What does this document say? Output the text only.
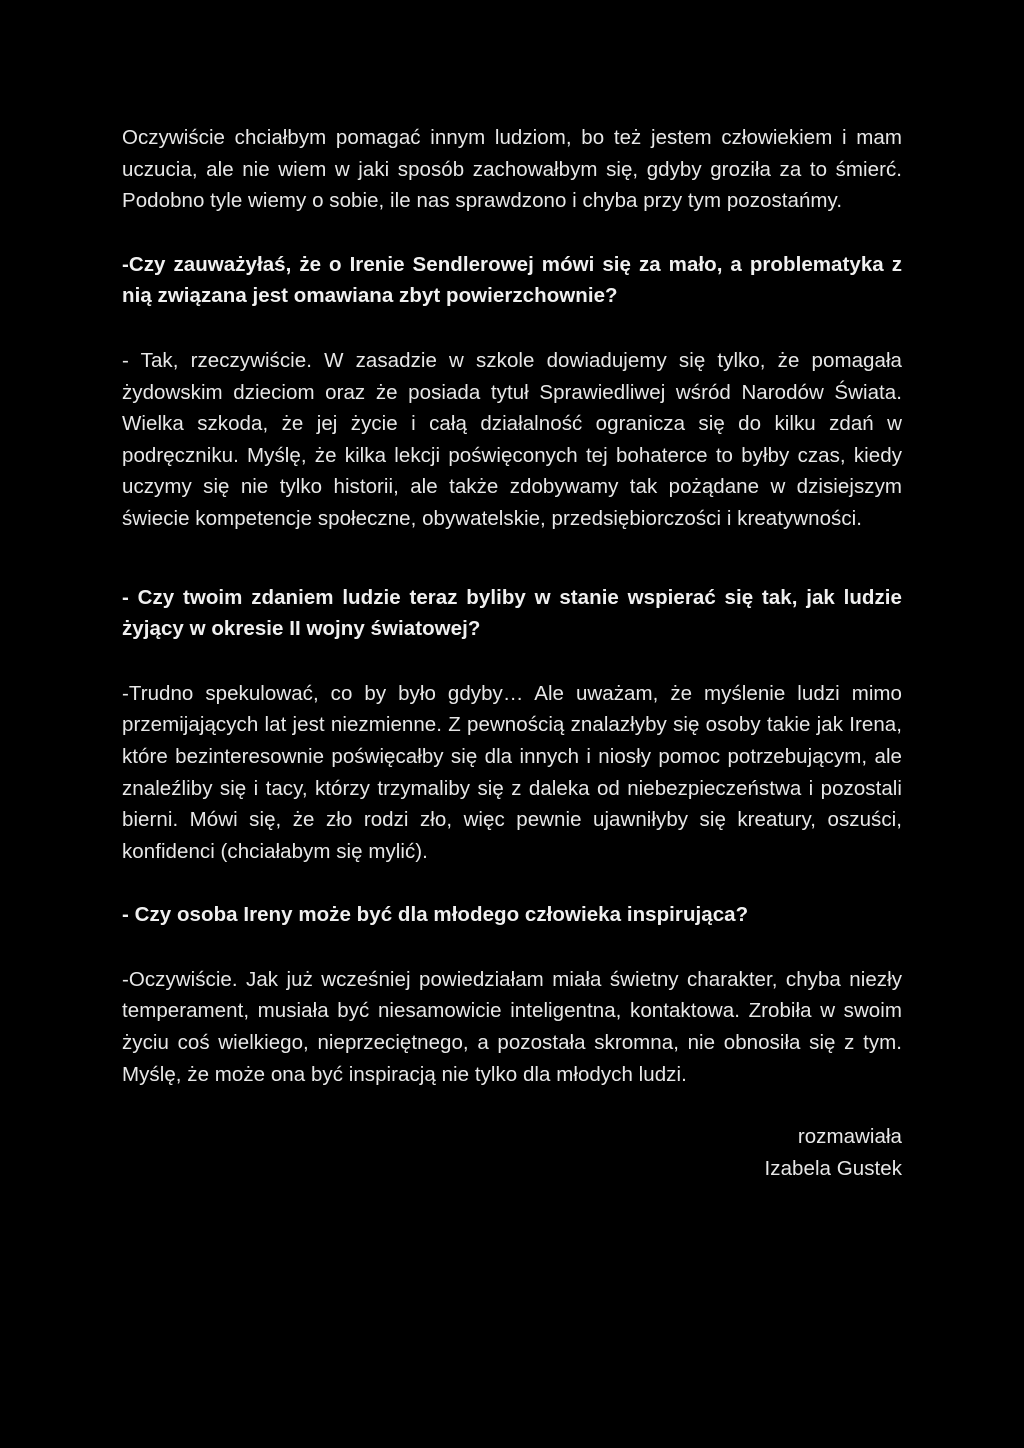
Oczywiście chciałbym pomagać innym ludziom, bo też jestem człowiekiem i mam uczucia, ale nie wiem w jaki sposób zachowałbym się, gdyby groziła za to śmierć. Podobno tyle wiemy o sobie, ile nas sprawdzono i chyba przy tym pozostańmy.

-Czy zauważyłaś, że o Irenie Sendlerowej mówi się za mało, a problematyka z nią związana jest omawiana zbyt powierzchownie?

- Tak, rzeczywiście. W zasadzie w szkole dowiadujemy się tylko, że pomagała żydowskim dzieciom oraz że posiada tytuł Sprawiedliwej wśród Narodów Świata. Wielka szkoda, że jej życie i całą działalność ogranicza się do kilku zdań w podręczniku. Myślę, że kilka lekcji poświęconych tej bohaterce to byłby czas, kiedy uczymy się nie tylko historii, ale także zdobywamy tak pożądane w dzisiejszym świecie kompetencje społeczne, obywatelskie, przedsiębiorczości i kreatywności.

- Czy twoim zdaniem ludzie teraz byliby w stanie wspierać się tak, jak ludzie żyjący w okresie II wojny światowej?

-Trudno spekulować, co by było gdyby… Ale uważam, że myślenie ludzi mimo przemijających lat jest niezmienne. Z pewnością znalazłyby się osoby takie jak Irena, które bezinteresownie poświęcałby się dla innych i niosły pomoc potrzebującym, ale znaleźliby się i tacy, którzy trzymaliby się z daleka od niebezpieczeństwa i pozostali bierni. Mówi się, że zło rodzi zło, więc pewnie ujawniłyby się kreatury, oszuści, konfidenci (chciałabym się mylić).

- Czy osoba Ireny może być dla młodego człowieka inspirująca?

-Oczywiście. Jak już wcześniej powiedziałam miała świetny charakter, chyba niezły temperament, musiała być niesamowicie inteligentna, kontaktowa. Zrobiła w swoim życiu coś wielkiego, nieprzeciętnego, a pozostała skromna, nie obnosiła się z tym. Myślę, że może ona być inspiracją nie tylko dla młodych ludzi.

rozmawiała

Izabela Gustek
